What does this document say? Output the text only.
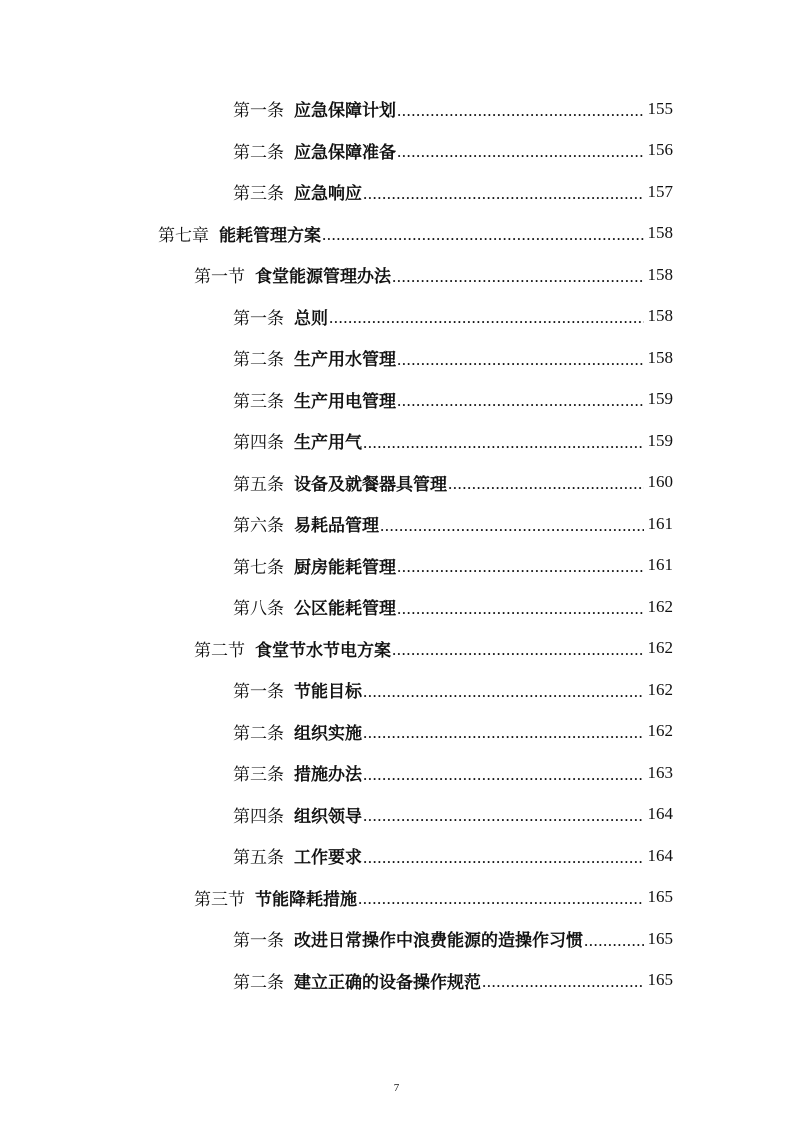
第一条 应急保障计划 .....	155
第二条 应急保障准备 .....	156
第三条 应急响应 .....	157
第七章 能耗管理方案 .....	158
第一节 食堂能源管理办法 .....	158
第一条 总则 .....	158
第二条 生产用水管理 .....	158
第三条 生产用电管理 .....	159
第四条 生产用气 .....	159
第五条 设备及就餐器具管理 .....	160
第六条 易耗品管理 .....	161
第七条 厨房能耗管理 .....	161
第八条 公区能耗管理 .....	162
第二节 食堂节水节电方案 .....	162
第一条 节能目标 .....	162
第二条 组织实施 .....	162
第三条 措施办法 .....	163
第四条 组织领导 .....	164
第五条 工作要求 .....	164
第三节 节能降耗措施 .....	165
第一条 改进日常操作中浪费能源的造操作习惯 .....	165
第二条 建立正确的设备操作规范 .....	165
7
